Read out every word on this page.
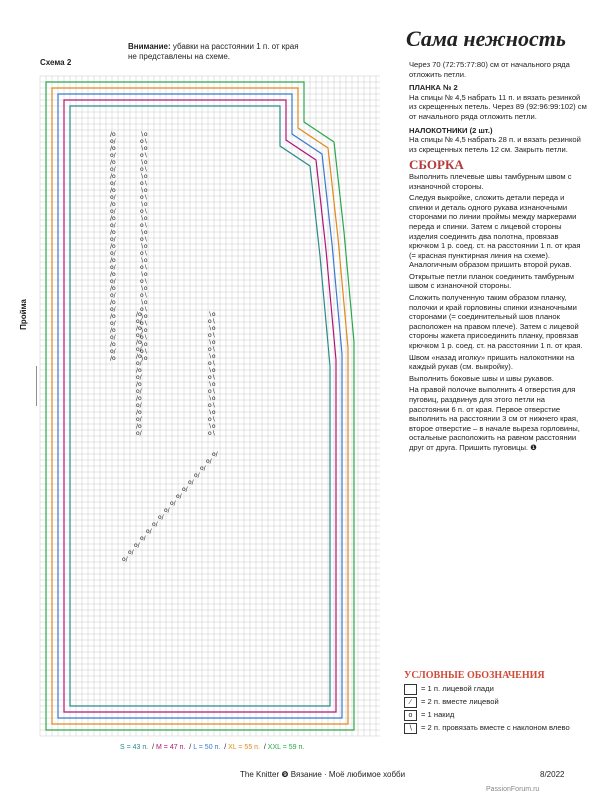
Внимание: убавки на расстоянии 1 п. от края не представлены на схеме.
Схема 2
/o	∖o
o/	o∖
/o	∖o
o/	o∖
/o	∖o
o/	o∖
/o	∖o
o/	o∖
/o	∖o
o/	o∖
/o	∖o
o/	o∖
/o	∖o
o/	o∖
/o	∖o
o/	o∖
/o	∖o
o/	o∖
/o	∖o
o/	o∖
/o	∖o
o/	o∖
/o	∖o
o/	o∖
/o	∖o
o/	o∖
/o	∖o
o/	o∖
/o	∖o
o/	o∖
/o	∖o
o/	o∖
/o	∖o
/o	∖o
o/	o∖
/o	∖o
o/	o∖
/o	∖o
o/	o∖
/o	∖o
o/	o∖
/o	∖o
o/	o∖
/o	∖o
o/	o∖
/o	∖o
o/	o∖
/o	∖o
o/	o∖
/o	∖o
o/	o∖
o/
o/
o/
o/
o/
o/
o/
o/
o/
o/
o/
o/
o/
o/
o/
o/
Пройма
S = 43 п. / M = 47 п. / L = 50 п. / XL = 55 п. / XXL = 59 п.
Сама нежность
Через 70 (72:75:77:80) см от начального ряда отложить петли.
ПЛАНКА № 2
На спицы № 4,5 набрать 11 п. и вязать резинкой из скрещенных петель. Через 89 (92:96:99:102) см от начального ряда отложить петли.
НАЛОКОТНИКИ (2 шт.)
На спицы № 4,5 набрать 28 п. и вязать резинкой из скрещенных петель 12 см. Закрыть петли.
СБОРКА
Выполнить плечевые швы тамбурным швом с изнаночной стороны.
Следуя выкройке, сложить детали переда и спинки и деталь одного рукава изнаночными сторонами по линии проймы между маркерами переда и спинки. Затем с лицевой стороны изделия соединить два полотна, провязав крючком 1 р. соед. ст. на расстоянии 1 п. от края (= красная пунктирная линия на схеме). Аналогичным образом пришить второй рукав.
Открытые петли планок соединить тамбурным швом с изнаночной стороны.
Сложить полученную таким образом планку, полочки и край горловины спинки изнаночными сторонами (= соединительный шов планок расположен на правом плече). Затем с лицевой стороны жакета присоединить планку, провязав крючком 1 р. соед. ст. на расстоянии 1 п. от края.
Швом «назад иголку» пришить налокотники на каждый рукав (см. выкройку).
Выполнить боковые швы и швы рукавов.
На правой полочке выполнить 4 отверстия для пуговиц, раздвинув для этого петли на расстоянии 6 п. от края. Первое отверстие выполнить на расстоянии 3 см от нижнего края, второе отверстие – в начале выреза горловины, остальные расположить на равном расстоянии друг от друга. Пришить пуговицы. ❶
УСЛОВНЫЕ ОБОЗНАЧЕНИЯ
= 1 п. лицевой глади
∕	= 2 п. вместе лицевой
o	= 1 накид
∖	= 2 п. провязать вместе с наклоном влево
The Knitter ❾ Вязание · Моё любимое хобби	8/2022
PassionForum.ru
